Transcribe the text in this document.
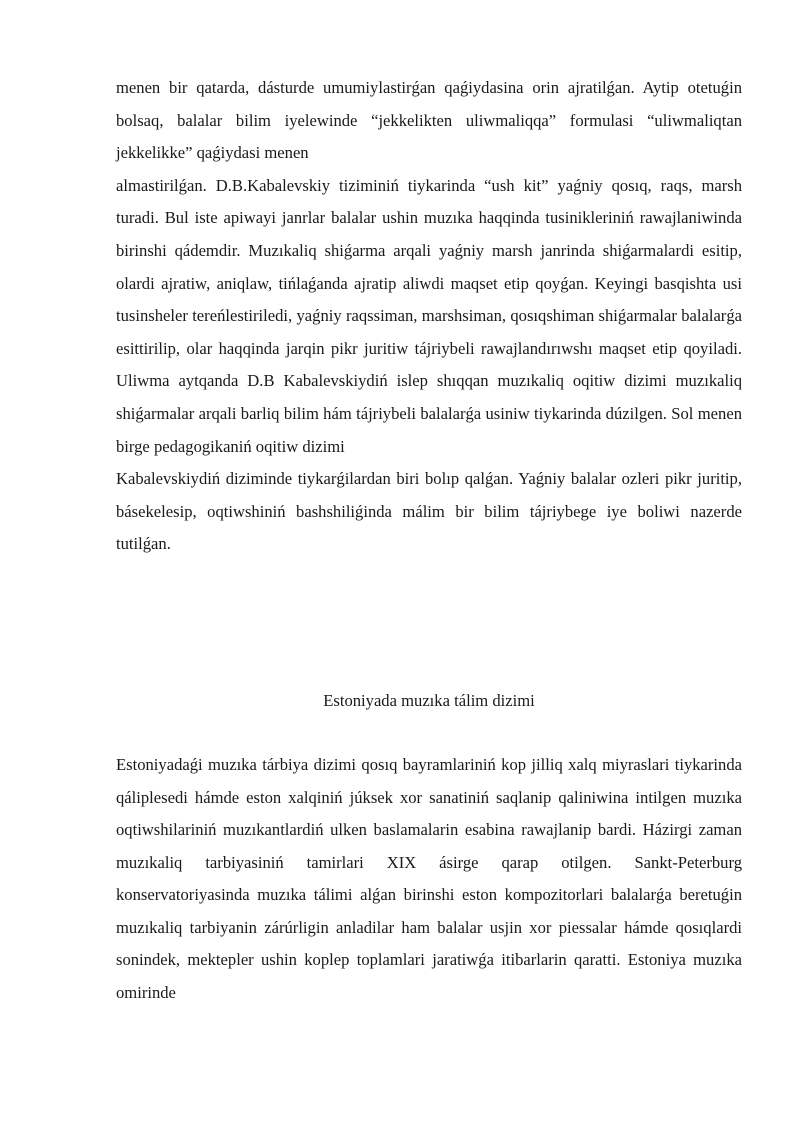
menen bir qatarda, dásturde umumiylastirǵan qaǵiydasina orin ajratilǵan. Aytip otetuǵin bolsaq, balalar bilim iyelewinde “jekkelikten uliwmaliqqa” formulasi “uliwmaliqtan jekkelikke” qaǵiydasi menen

almastirilǵan. D.B.Kabalevskiy tiziminiń tiykarinda “ush kit” yaǵniy qosıq, raqs, marsh turadi. Bul iste apiwayi janrlar balalar ushin muzıka haqqinda tusinikleriniń rawajlaniwinda birinshi qádemdir. Muzıkaliq shiǵarma arqali yaǵniy marsh janrinda shiǵarmalardi esitip, olardi ajratiw, aniqlaw, tińlaǵanda ajratip aliwdi maqset etip qoyǵan. Keyingi basqishta usi tusinsheler tereńlestiriledi, yaǵniy raqssiman, marshsiman, qosıqshiman shiǵarmalar balalarǵa esittirilip, olar haqqinda jarqin pikr juritiw tájriybeli rawajlandırıwshı maqset etip qoyiladi. Uliwma aytqanda D.B Kabalevskiydiń islep shıqqan muzıkaliq oqitiw dizimi muzıkaliq shiǵarmalar arqali barliq bilim hám tájriybeli balalarǵa usiniw tiykarinda dúzilgen. Sol menen birge pedagogikaniń oqitiw dizimi

Kabalevskiydiń diziminde tiykarǵilardan biri bolıp qalǵan. Yaǵniy balalar ozleri pikr juritip, básekelesip, oqtiwshiniń bashshiliǵinda málim bir bilim tájriybege iye boliwi nazerde tutilǵan.

Estoniyada muzıka tálim dizimi

Estoniyadaǵi muzıka tárbiya dizimi qosıq bayramlariniń kop jilliq xalq miyraslari tiykarinda qáliplesedi hámde eston xalqiniń júksek xor sanatiniń saqlanip qaliniwina intilgen muzıka oqtiwshilariniń muzıkantlardiń ulken baslamalarin esabina rawajlanip bardi. Házirgi zaman muzıkaliq tarbiyasiniń tamirlari XIX ásirge qarap otilgen. Sankt-Peterburg konservatoriyasinda muzıka tálimi alǵan birinshi eston kompozitorlari balalarǵa beretuǵin muzıkaliq tarbiyanin zárúrligin anladilar ham balalar usjin xor piessalar hámde qosıqlardi sonindek, mektepler ushin koplep toplamlari jaratiwǵa itibarlarin qaratti. Estoniya muzıka omirinde
